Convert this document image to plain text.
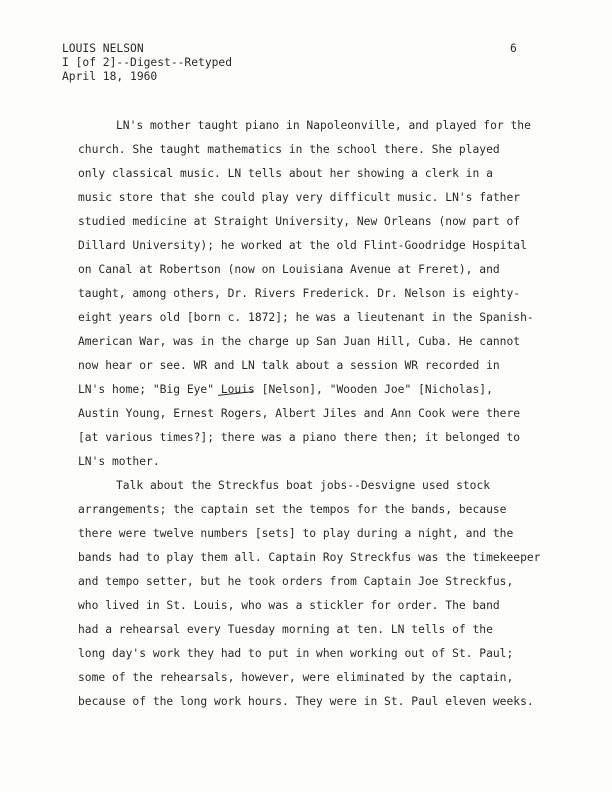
LOUIS NELSON
I [of 2]--Digest--Retyped
April 18, 1960
6
LN's mother taught piano in Napoleonville, and played for the
church. She taught mathematics in the school there. She played
only classical music. LN tells about her showing a clerk in a
music store that she could play very difficult music. LN's father
studied medicine at Straight University, New Orleans (now part of
Dillard University); he worked at the old Flint-Goodridge Hospital
on Canal at Robertson (now on Louisiana Avenue at Freret), and
taught, among others, Dr. Rivers Frederick. Dr. Nelson is eighty-
eight years old [born c. 1872]; he was a lieutenant in the Spanish-
American War, was in the charge up San Juan Hill, Cuba. He cannot
now hear or see. WR and LN talk about a session WR recorded in
LN's home; "Big Eye" Louis [Nelson], "Wooden Joe" [Nicholas],
Austin Young, Ernest Rogers, Albert Jiles and Ann Cook were there
[at various times?]; there was a piano there then; it belonged to
LN's mother.
Talk about the Streckfus boat jobs--Desvigne used stock
arrangements; the captain set the tempos for the bands, because
there were twelve numbers [sets] to play during a night, and the
bands had to play them all. Captain Roy Streckfus was the timekeeper
and tempo setter, but he took orders from Captain Joe Streckfus,
who lived in St. Louis, who was a stickler for order. The band
had a rehearsal every Tuesday morning at ten. LN tells of the
long day's work they had to put in when working out of St. Paul;
some of the rehearsals, however, were eliminated by the captain,
because of the long work hours. They were in St. Paul eleven weeks.
